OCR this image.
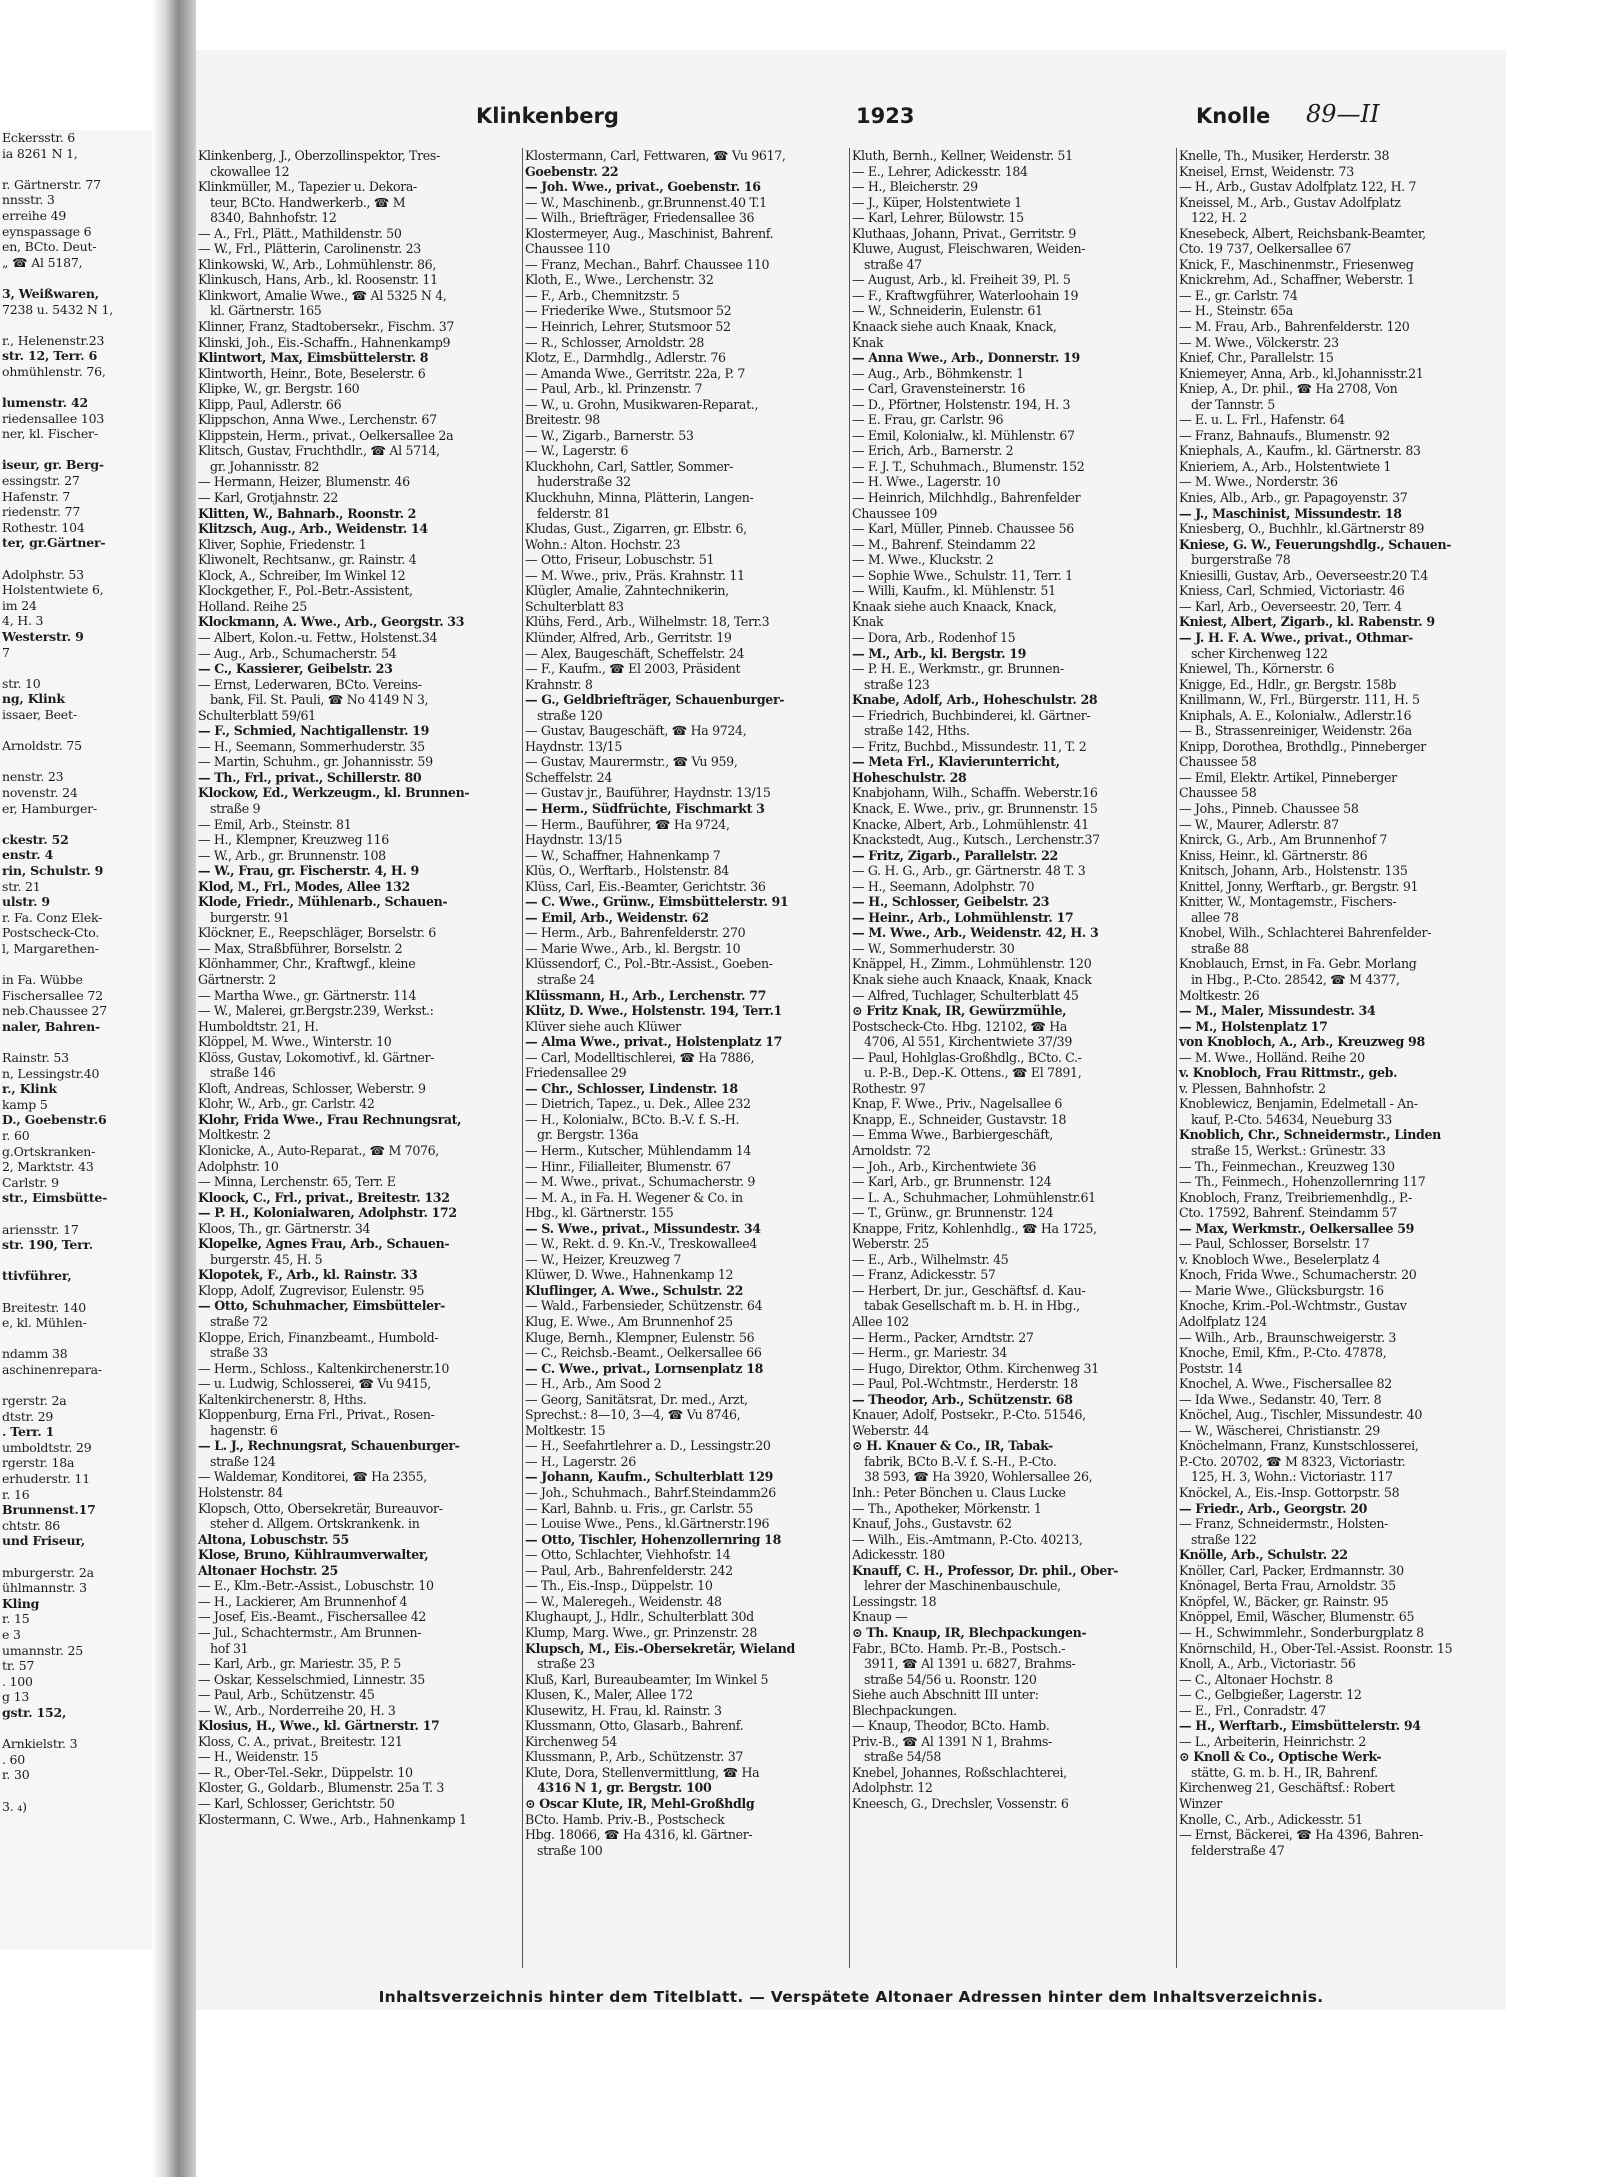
Eckersstr. 6
ia 8261 N 1,

r. Gärtnerstr. 77
nnsstr. 3
erreihe 49
eynspassage 6
en, BCto. Deut-
„ ☎ Al 5187,

3, Weißwaren,
7238 u. 5432 N 1,

r., Helenenstr.23
str. 12, Terr. 6
ohmühlenstr. 76,

lumenstr. 42
riedensallee 103
ner, kl. Fischer-

iseur, gr. Berg-
essingstr. 27
Hafenstr. 7
riedenstr. 77
Rothestr. 104
ter, gr.Gärtner-

Adolphstr. 53
Holstentwiete 6,
im 24
4, H. 3
Westerstr. 9
7

str. 10
ng, Klink
issaer, Beet-

Arnoldstr. 75

nenstr. 23
novenstr. 24
er, Hamburger-

ckestr. 52
enstr. 4
rin, Schulstr. 9
str. 21
ulstr. 9
r. Fa. Conz Elek-
Postscheck-Cto.
l, Margarethen-

in Fa. Wübbe
Fischersallee 72
neb.Chaussee 27
naler, Bahren-

Rainstr. 53
n, Lessingstr.40
r., Klink
kamp 5
D., Goebenstr.6
r. 60
g.Ortskranken-
2, Marktstr. 43
Carlstr. 9
str., Eimsbütte-

ariensstr. 17
str. 190, Terr.

ttivführer,

Breitestr. 140
e, kl. Mühlen-

ndamm 38
aschinenrepara-

rgerstr. 2a
dtstr. 29
. Terr. 1
umboldtstr. 29
rgerstr. 18a
erhuderstr. 11
r. 16
Brunnenst.17
chtstr. 86
und Friseur,

mburgerstr. 2a
ühlmannstr. 3
Kling
r. 15
e 3
umannstr. 25
tr. 57
. 100
g 13
gstr. 152,

Arnkielstr. 3
. 60
r. 30

3. ₄)
Klinkenberg	1923	Knolle 89—II
Klinkenberg, J., Oberzollinspektor, Tres-
ckowallee 12
Klinkmüller, M., Tapezier u. Dekora-
teur, BCto. Handwerkerb., ☎ M
8340, Bahnhofstr. 12
— A., Frl., Plätt., Mathildenstr. 50
— W., Frl., Plätterin, Carolinenstr. 23
Klinkowski, W., Arb., Lohmühlenstr. 86,
Klinkusch, Hans, Arb., kl. Roosenstr. 11
Klinkwort, Amalie Wwe., ☎ Al 5325 N 4,
kl. Gärtnerstr. 165
Klinner, Franz, Stadtobersekr., Fischm. 37
Klinski, Joh., Eis.-Schaffn., Hahnenkamp9
Klintwort, Max, Eimsbüttelerstr. 8
Klintworth, Heinr., Bote, Beselerstr. 6
Klipke, W., gr. Bergstr. 160
Klipp, Paul, Adlerstr. 66
Klippschon, Anna Wwe., Lerchenstr. 67
Klippstein, Herm., privat., Oelkersallee 2a
Klitsch, Gustav, Fruchthdlr., ☎ Al 5714,
gr. Johannisstr. 82
— Hermann, Heizer, Blumenstr. 46
— Karl, Grotjahnstr. 22
Klitten, W., Bahnarb., Roonstr. 2
Klitzsch, Aug., Arb., Weidenstr. 14
Kliver, Sophie, Friedenstr. 1
Kliwonelt, Rechtsanw., gr. Rainstr. 4
Klock, A., Schreiber, Im Winkel 12
Klockgether, F., Pol.-Betr.-Assistent,
Holland. Reihe 25
Klockmann, A. Wwe., Arb., Georgstr. 33
— Albert, Kolon.-u. Fettw., Holstenst.34
— Aug., Arb., Schumacherstr. 54
— C., Kassierer, Geibelstr. 23
— Ernst, Lederwaren, BCto. Vereins-
bank, Fil. St. Pauli, ☎ No 4149 N 3,
Schulterblatt 59/61
— F., Schmied, Nachtigallenstr. 19
— H., Seemann, Sommerhuderstr. 35
— Martin, Schuhm., gr. Johannisstr. 59
— Th., Frl., privat., Schillerstr. 80
Klockow, Ed., Werkzeugm., kl. Brunnen-
straße 9
— Emil, Arb., Steinstr. 81
— H., Klempner, Kreuzweg 116
— W., Arb., gr. Brunnenstr. 108
— W., Frau, gr. Fischerstr. 4, H. 9
Klod, M., Frl., Modes, Allee 132
Klode, Friedr., Mühlenarb., Schauen-
burgerstr. 91
Klöckner, E., Reepschläger, Borselstr. 6
— Max, Straßbführer, Borselstr. 2
Klönhammer, Chr., Kraftwgf., kleine
Gärtnerstr. 2
— Martha Wwe., gr. Gärtnerstr. 114
— W., Malerei, gr.Bergstr.239, Werkst.:
Humboldtstr. 21, H.
Klöppel, M. Wwe., Winterstr. 10
Klöss, Gustav, Lokomotivf., kl. Gärtner-
straße 146
Kloft, Andreas, Schlosser, Weberstr. 9
Klohr, W., Arb., gr. Carlstr. 42
Klohr, Frida Wwe., Frau Rechnungsrat,
Moltkestr. 2
Klonicke, A., Auto-Reparat., ☎ M 7076,
Adolphstr. 10
— Minna, Lerchenstr. 65, Terr. E
Kloock, C., Frl., privat., Breitestr. 132
— P. H., Kolonialwaren, Adolphstr. 172
Kloos, Th., gr. Gärtnerstr. 34
Klopelke, Agnes Frau, Arb., Schauen-
burgerstr. 45, H. 5
Klopotek, F., Arb., kl. Rainstr. 33
Klopp, Adolf, Zugrevisor, Eulenstr. 95
— Otto, Schuhmacher, Eimsbütteler-
straße 72
Kloppe, Erich, Finanzbeamt., Humbold-
straße 33
— Herm., Schloss., Kaltenkirchenerstr.10
— u. Ludwig, Schlosserei, ☎ Vu 9415,
Kaltenkirchenerstr. 8, Hths.
Kloppenburg, Erna Frl., Privat., Rosen-
hagenstr. 6
— L. J., Rechnungsrat, Schauenburger-
straße 124
— Waldemar, Konditorei, ☎ Ha 2355,
Holstenstr. 84
Klopsch, Otto, Obersekretär, Bureauvor-
steher d. Allgem. Ortskrankenk. in
Altona, Lobuschstr. 55
Klose, Bruno, Kühlraumverwalter,
Altonaer Hochstr. 25
— E., Klm.-Betr.-Assist., Lobuschstr. 10
— H., Lackierer, Am Brunnenhof 4
— Josef, Eis.-Beamt., Fischersallee 42
— Jul., Schachtermstr., Am Brunnen-
hof 31
— Karl, Arb., gr. Mariestr. 35, P. 5
— Oskar, Kesselschmied, Linnestr. 35
— Paul, Arb., Schützenstr. 45
— W., Arb., Norderreihe 20, H. 3
Klosius, H., Wwe., kl. Gärtnerstr. 17
Kloss, C. A., privat., Breitestr. 121
— H., Weidenstr. 15
— R., Ober-Tel.-Sekr., Düppelstr. 10
Kloster, G., Goldarb., Blumenstr. 25a T. 3
— Karl, Schlosser, Gerichtstr. 50
Klostermann, C. Wwe., Arb., Hahnenkamp 1
Klostermann, Carl, Fettwaren, ☎ Vu 9617,
Goebenstr. 22
— Joh. Wwe., privat., Goebenstr. 16
— W., Maschinenb., gr.Brunnenst.40 T.1
— Wilh., Briefträger, Friedensallee 36
Klostermeyer, Aug., Maschinist, Bahrenf.
Chaussee 110
— Franz, Mechan., Bahrf. Chaussee 110
Kloth, E., Wwe., Lerchenstr. 32
— F., Arb., Chemnitzstr. 5
— Friederike Wwe., Stutsmoor 52
— Heinrich, Lehrer, Stutsmoor 52
— R., Schlosser, Arnoldstr. 28
Klotz, E., Darmhdlg., Adlerstr. 76
— Amanda Wwe., Gerritstr. 22a, P. 7
— Paul, Arb., kl. Prinzenstr. 7
— W., u. Grohn, Musikwaren-Reparat.,
Breitestr. 98
— W., Zigarb., Barnerstr. 53
— W., Lagerstr. 6
Kluckhohn, Carl, Sattler, Sommer-
huderstraße 32
Kluckhuhn, Minna, Plätterin, Langen-
felderstr. 81
Kludas, Gust., Zigarren, gr. Elbstr. 6,
Wohn.: Alton. Hochstr. 23
— Otto, Friseur, Lobuschstr. 51
— M. Wwe., priv., Präs. Krahnstr. 11
Klügler, Amalie, Zahntechnikerin,
Schulterblatt 83
Klühs, Ferd., Arb., Wilhelmstr. 18, Terr.3
Klünder, Alfred, Arb., Gerritstr. 19
— Alex, Baugeschäft, Scheffelstr. 24
— F., Kaufm., ☎ El 2003, Präsident
Krahnstr. 8
— G., Geldbriefträger, Schauenburger-
straße 120
— Gustav, Baugeschäft, ☎ Ha 9724,
Haydnstr. 13/15
— Gustav, Maurermstr., ☎ Vu 959,
Scheffelstr. 24
— Gustav jr., Bauführer, Haydnstr. 13/15
— Herm., Südfrüchte, Fischmarkt 3
— Herm., Bauführer, ☎ Ha 9724,
Haydnstr. 13/15
— W., Schaffner, Hahnenkamp 7
Klüs, O., Werftarb., Holstenstr. 84
Klüss, Carl, Eis.-Beamter, Gerichtstr. 36
— C. Wwe., Grünw., Eimsbüttelerstr. 91
— Emil, Arb., Weidenstr. 62
— Herm., Arb., Bahrenfelderstr. 270
— Marie Wwe., Arb., kl. Bergstr. 10
Klüssendorf, C., Pol.-Btr.-Assist., Goeben-
straße 24
Klüssmann, H., Arb., Lerchenstr. 77
Klütz, D. Wwe., Holstenstr. 194, Terr.1
Klüver siehe auch Klüwer
— Alma Wwe., privat., Holstenplatz 17
— Carl, Modelltischlerei, ☎ Ha 7886,
Friedensallee 29
— Chr., Schlosser, Lindenstr. 18
— Dietrich, Tapez., u. Dek., Allee 232
— H., Kolonialw., BCto. B.-V. f. S.-H.
gr. Bergstr. 136a
— Herm., Kutscher, Mühlendamm 14
— Hinr., Filialleiter, Blumenstr. 67
— M. Wwe., privat., Schumacherstr. 9
— M. A., in Fa. H. Wegener & Co. in
Hbg., kl. Gärtnerstr. 155
— S. Wwe., privat., Missundestr. 34
— W., Rekt. d. 9. Kn.-V., Treskowallee4
— W., Heizer, Kreuzweg 7
Klüwer, D. Wwe., Hahnenkamp 12
Kluflinger, A. Wwe., Schulstr. 22
— Wald., Farbensieder, Schützenstr. 64
Klug, E. Wwe., Am Brunnenhof 25
Kluge, Bernh., Klempner, Eulenstr. 56
— C., Reichsb.-Beamt., Oelkersallee 66
— C. Wwe., privat., Lornsenplatz 18
— H., Arb., Am Sood 2
— Georg, Sanitätsrat, Dr. med., Arzt,
Sprechst.: 8—10, 3—4, ☎ Vu 8746,
Moltkestr. 15
— H., Seefahrtlehrer a. D., Lessingstr.20
— H., Lagerstr. 26
— Johann, Kaufm., Schulterblatt 129
— Joh., Schuhmach., Bahrf.Steindamm26
— Karl, Bahnb. u. Fris., gr. Carlstr. 55
— Louise Wwe., Pens., kl.Gärtnerstr.196
— Otto, Tischler, Hohenzollernring 18
— Otto, Schlachter, Viehhofstr. 14
— Paul, Arb., Bahrenfelderstr. 242
— Th., Eis.-Insp., Düppelstr. 10
— W., Maleregeh., Weidenstr. 48
Klughaupt, J., Hdlr., Schulterblatt 30d
Klump, Marg. Wwe., gr. Prinzenstr. 28
Klupsch, M., Eis.-Obersekretär, Wieland
straße 23
Kluß, Karl, Bureaubeamter, Im Winkel 5
Klusen, K., Maler, Allee 172
Klusewitz, H. Frau, kl. Rainstr. 3
Klussmann, Otto, Glasarb., Bahrenf.
Kirchenweg 54
Klussmann, P., Arb., Schützenstr. 37
Klute, Dora, Stellenvermittlung, ☎ Ha
4316 N 1, gr. Bergstr. 100
⊙ Oscar Klute, IR, Mehl-Großhdlg
BCto. Hamb. Priv.-B., Postscheck
Hbg. 18066, ☎ Ha 4316, kl. Gärtner-
straße 100
Kluth, Bernh., Kellner, Weidenstr. 51
— E., Lehrer, Adickesstr. 184
— H., Bleicherstr. 29
— J., Küper, Holstentwiete 1
— Karl, Lehrer, Bülowstr. 15
Kluthaas, Johann, Privat., Gerritstr. 9
Kluwe, August, Fleischwaren, Weiden-
straße 47
— August, Arb., kl. Freiheit 39, Pl. 5
— F., Kraftwgführer, Waterloohain 19
— W., Schneiderin, Eulenstr. 61
Knaack siehe auch Knaak, Knack,
Knak
— Anna Wwe., Arb., Donnerstr. 19
— Aug., Arb., Böhmkenstr. 1
— Carl, Gravensteinerstr. 16
— D., Pförtner, Holstenstr. 194, H. 3
— E. Frau, gr. Carlstr. 96
— Emil, Kolonialw., kl. Mühlenstr. 67
— Erich, Arb., Barnerstr. 2
— F. J. T., Schuhmach., Blumenstr. 152
— H. Wwe., Lagerstr. 10
— Heinrich, Milchhdlg., Bahrenfelder
Chaussee 109
— Karl, Müller, Pinneb. Chaussee 56
— M., Bahrenf. Steindamm 22
— M. Wwe., Kluckstr. 2
— Sophie Wwe., Schulstr. 11, Terr. 1
— Willi, Kaufm., kl. Mühlenstr. 51
Knaak siehe auch Knaack, Knack,
Knak
— Dora, Arb., Rodenhof 15
— M., Arb., kl. Bergstr. 19
— P. H. E., Werkmstr., gr. Brunnen-
straße 123
Knabe, Adolf, Arb., Hoheschulstr. 28
— Friedrich, Buchbinderei, kl. Gärtner-
straße 142, Hths.
— Fritz, Buchbd., Missundestr. 11, T. 2
— Meta Frl., Klavierunterricht,
Hoheschulstr. 28
Knabjohann, Wilh., Schaffn. Weberstr.16
Knack, E. Wwe., priv., gr. Brunnenstr. 15
Knacke, Albert, Arb., Lohmühlenstr. 41
Knackstedt, Aug., Kutsch., Lerchenstr.37
— Fritz, Zigarb., Parallelstr. 22
— G. H. G., Arb., gr. Gärtnerstr. 48 T. 3
— H., Seemann, Adolphstr. 70
— H., Schlosser, Geibelstr. 23
— Heinr., Arb., Lohmühlenstr. 17
— M. Wwe., Arb., Weidenstr. 42, H. 3
— W., Sommerhuderstr. 30
Knäppel, H., Zimm., Lohmühlenstr. 120
Knak siehe auch Knaack, Knaak, Knack
— Alfred, Tuchlager, Schulterblatt 45
⊙ Fritz Knak, IR, Gewürzmühle,
Postscheck-Cto. Hbg. 12102, ☎ Ha
4706, Al 551, Kirchentwiete 37/39
— Paul, Hohlglas-Großhdlg., BCto. C.-
u. P.-B., Dep.-K. Ottens., ☎ El 7891,
Rothestr. 97
Knap, F. Wwe., Priv., Nagelsallee 6
Knapp, E., Schneider, Gustavstr. 18
— Emma Wwe., Barbiergeschäft,
Arnoldstr. 72
— Joh., Arb., Kirchentwiete 36
— Karl, Arb., gr. Brunnenstr. 124
— L. A., Schuhmacher, Lohmühlenstr.61
— T., Grünw., gr. Brunnenstr. 124
Knappe, Fritz, Kohlenhdlg., ☎ Ha 1725,
Weberstr. 25
— E., Arb., Wilhelmstr. 45
— Franz, Adickesstr. 57
— Herbert, Dr. jur., Geschäftsf. d. Kau-
tabak Gesellschaft m. b. H. in Hbg.,
Allee 102
— Herm., Packer, Arndtstr. 27
— Herm., gr. Mariestr. 34
— Hugo, Direktor, Othm. Kirchenweg 31
— Paul, Pol.-Wchtmstr., Herderstr. 18
— Theodor, Arb., Schützenstr. 68
Knauer, Adolf, Postsekr., P.-Cto. 51546,
Weberstr. 44
⊙ H. Knauer & Co., IR, Tabak-
fabrik, BCto B.-V. f. S.-H., P.-Cto.
38 593, ☎ Ha 3920, Wohlersallee 26,
Inh.: Peter Bönchen u. Claus Lucke
— Th., Apotheker, Mörkenstr. 1
Knauf, Johs., Gustavstr. 62
— Wilh., Eis.-Amtmann, P.-Cto. 40213,
Adickesstr. 180
Knauff, C. H., Professor, Dr. phil., Ober-
lehrer der Maschinenbauschule,
Lessingstr. 18
Knaup —
⊙ Th. Knaup, IR, Blechpackungen-
Fabr., BCto. Hamb. Pr.-B., Postsch.-
3911, ☎ Al 1391 u. 6827, Brahms-
straße 54/56 u. Roonstr. 120
Siehe auch Abschnitt III unter:
Blechpackungen.
— Knaup, Theodor, BCto. Hamb.
Priv.-B., ☎ Al 1391 N 1, Brahms-
straße 54/58
Knebel, Johannes, Roßschlachterei,
Adolphstr. 12
Kneesch, G., Drechsler, Vossenstr. 6
Knelle, Th., Musiker, Herderstr. 38
Kneisel, Ernst, Weidenstr. 73
— H., Arb., Gustav Adolfplatz 122, H. 7
Kneissel, M., Arb., Gustav Adolfplatz
122, H. 2
Knesebeck, Albert, Reichsbank-Beamter,
Cto. 19 737, Oelkersallee 67
Knick, F., Maschinenmstr., Friesenweg
Knickrehm, Ad., Schaffner, Weberstr. 1
— E., gr. Carlstr. 74
— H., Steinstr. 65a
— M. Frau, Arb., Bahrenfelderstr. 120
— M. Wwe., Völckerstr. 23
Knief, Chr., Parallelstr. 15
Kniemeyer, Anna, Arb., kl.Johannisstr.21
Kniep, A., Dr. phil., ☎ Ha 2708, Von
der Tannstr. 5
— E. u. L. Frl., Hafenstr. 64
— Franz, Bahnaufs., Blumenstr. 92
Kniephals, A., Kaufm., kl. Gärtnerstr. 83
Knieriem, A., Arb., Holstentwiete 1
— M. Wwe., Norderstr. 36
Knies, Alb., Arb., gr. Papagoyenstr. 37
— J., Maschinist, Missundestr. 18
Kniesberg, O., Buchhlr., kl.Gärtnerstr 89
Kniese, G. W., Feuerungshdlg., Schauen-
burgerstraße 78
Kniesilli, Gustav, Arb., Oeverseestr.20 T.4
Kniess, Carl, Schmied, Victoriastr. 46
— Karl, Arb., Oeverseestr. 20, Terr. 4
Kniest, Albert, Zigarb., kl. Rabenstr. 9
— J. H. F. A. Wwe., privat., Othmar-
scher Kirchenweg 122
Kniewel, Th., Körnerstr. 6
Knigge, Ed., Hdlr., gr. Bergstr. 158b
Knillmann, W., Frl., Bürgerstr. 111, H. 5
Kniphals, A. E., Kolonialw., Adlerstr.16
— B., Strassenreiniger, Weidenstr. 26a
Knipp, Dorothea, Brothdlg., Pinneberger
Chaussee 58
— Emil, Elektr. Artikel, Pinneberger
Chaussee 58
— Johs., Pinneb. Chaussee 58
— W., Maurer, Adlerstr. 87
Knirck, G., Arb., Am Brunnenhof 7
Kniss, Heinr., kl. Gärtnerstr. 86
Knitsch, Johann, Arb., Holstenstr. 135
Knittel, Jonny, Werftarb., gr. Bergstr. 91
Knitter, W., Montagemstr., Fischers-
allee 78
Knobel, Wilh., Schlachterei Bahrenfelder-
straße 88
Knoblauch, Ernst, in Fa. Gebr. Morlang
in Hbg., P.-Cto. 28542, ☎ M 4377,
Moltkestr. 26
— M., Maler, Missundestr. 34
— M., Holstenplatz 17
von Knobloch, A., Arb., Kreuzweg 98
— M. Wwe., Holländ. Reihe 20
v. Knobloch, Frau Rittmstr., geb.
v. Plessen, Bahnhofstr. 2
Knoblewicz, Benjamin, Edelmetall - An-
kauf, P.-Cto. 54634, Neueburg 33
Knoblich, Chr., Schneidermstr., Linden
straße 15, Werkst.: Grünestr. 33
— Th., Feinmechan., Kreuzweg 130
— Th., Feinmech., Hohenzollernring 117
Knobloch, Franz, Treibriemenhdlg., P.-
Cto. 17592, Bahrenf. Steindamm 57
— Max, Werkmstr., Oelkersallee 59
— Paul, Schlosser, Borselstr. 17
v. Knobloch Wwe., Beselerplatz 4
Knoch, Frida Wwe., Schumacherstr. 20
— Marie Wwe., Glücksburgstr. 16
Knoche, Krim.-Pol.-Wchtmstr., Gustav
Adolfplatz 124
— Wilh., Arb., Braunschweigerstr. 3
Knoche, Emil, Kfm., P.-Cto. 47878,
Poststr. 14
Knochel, A. Wwe., Fischersallee 82
— Ida Wwe., Sedanstr. 40, Terr. 8
Knöchel, Aug., Tischler, Missundestr. 40
— W., Wäscherei, Christianstr. 29
Knöchelmann, Franz, Kunstschlosserei,
P.-Cto. 20702, ☎ M 8323, Victoriastr.
125, H. 3, Wohn.: Victoriastr. 117
Knöckel, A., Eis.-Insp. Gottorpstr. 58
— Friedr., Arb., Georgstr. 20
— Franz, Schneidermstr., Holsten-
straße 122
Knölle, Arb., Schulstr. 22
Knöller, Carl, Packer, Erdmannstr. 30
Knönagel, Berta Frau, Arnoldstr. 35
Knöpfel, W., Bäcker, gr. Rainstr. 95
Knöppel, Emil, Wäscher, Blumenstr. 65
— H., Schwimmlehr., Sonderburgplatz 8
Knörnschild, H., Ober-Tel.-Assist. Roonstr. 15
Knoll, A., Arb., Victoriastr. 56
— C., Altonaer Hochstr. 8
— C., Gelbgießer, Lagerstr. 12
— E., Frl., Conradstr. 47
— H., Werftarb., Eimsbüttelerstr. 94
— L., Arbeiterin, Heinrichstr. 2
⊙ Knoll & Co., Optische Werk-
stätte, G. m. b. H., IR, Bahrenf.
Kirchenweg 21, Geschäftsf.: Robert
Winzer
Knolle, C., Arb., Adickesstr. 51
— Ernst, Bäckerei, ☎ Ha 4396, Bahren-
felderstraße 47
Inhaltsverzeichnis hinter dem Titelblatt. — Verspätete Altonaer Adressen hinter dem Inhaltsverzeichnis.
